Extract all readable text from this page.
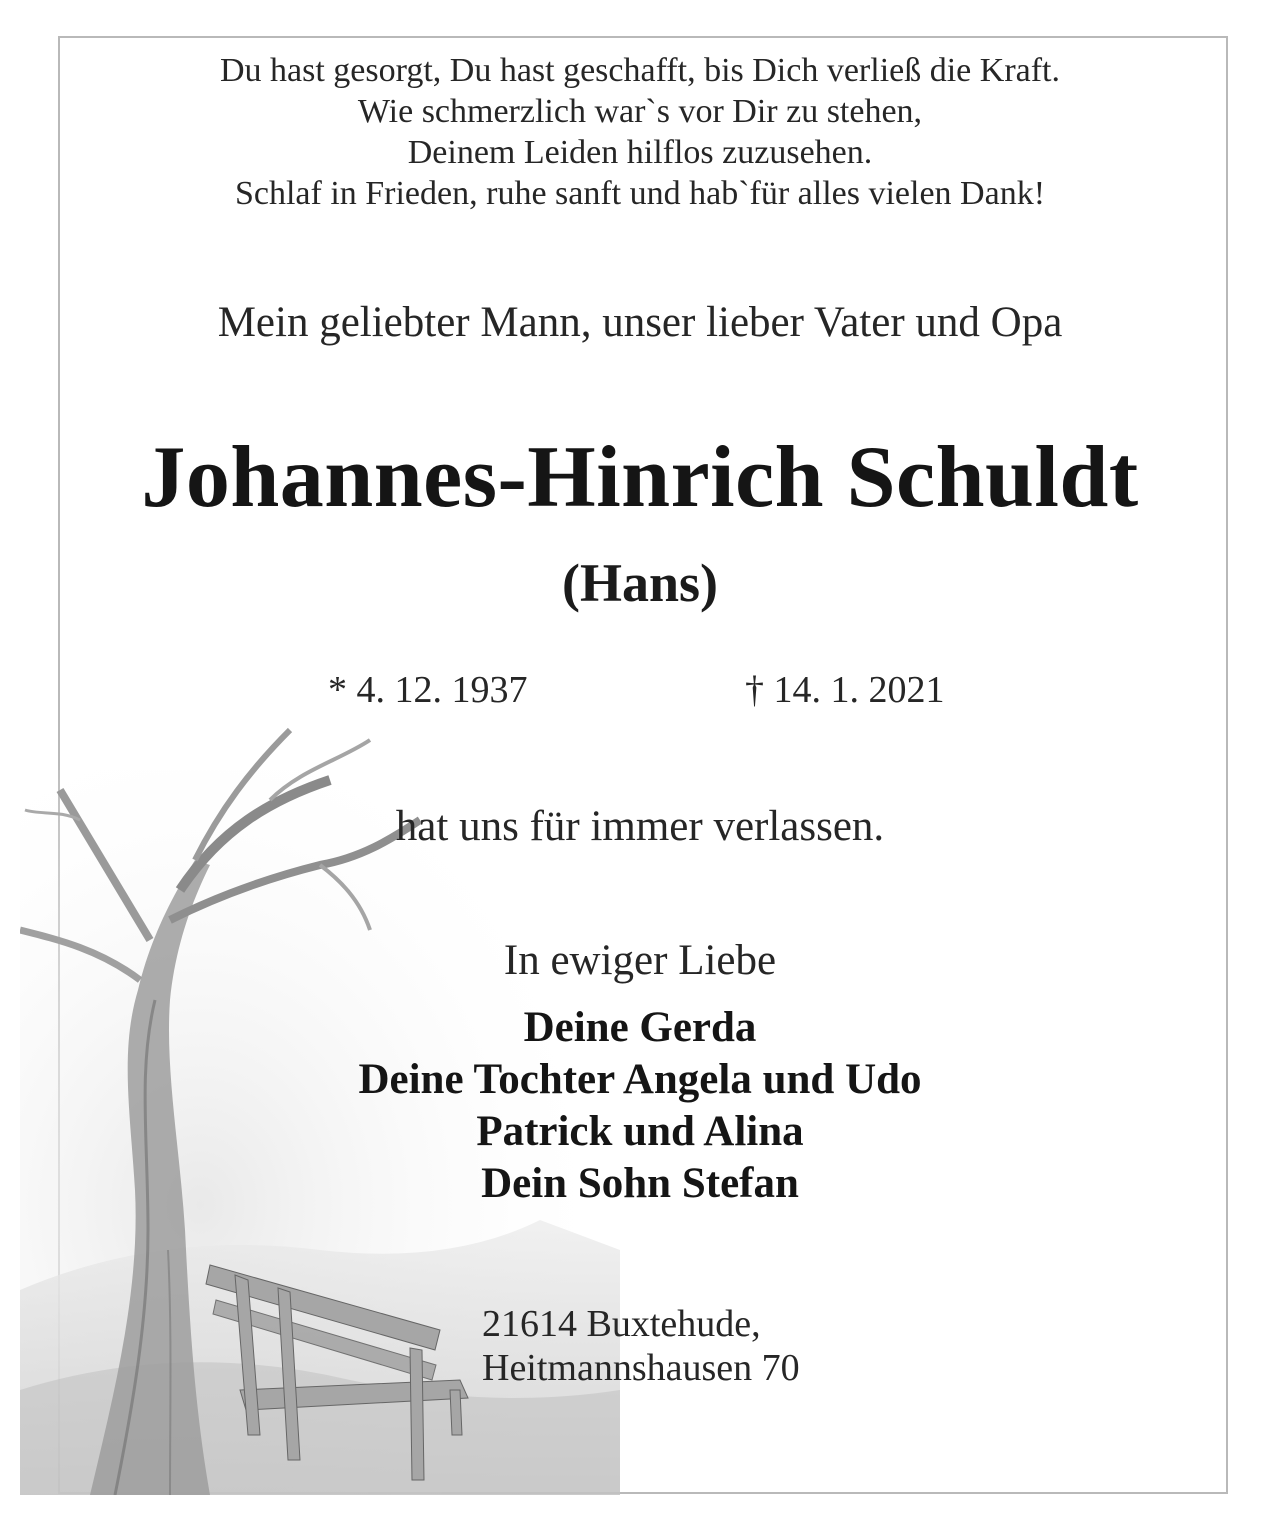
Du hast gesorgt, Du hast geschafft, bis Dich verließ die Kraft.
Wie schmerzlich war`s vor Dir zu stehen,
Deinem Leiden hilflos zuzusehen.
Schlaf in Frieden, ruhe sanft und hab`für alles vielen Dank!
Mein geliebter Mann, unser lieber Vater und Opa
Johannes-Hinrich Schuldt
(Hans)
* 4. 12. 1937	† 14. 1. 2021
hat uns für immer verlassen.
In ewiger Liebe
Deine Gerda
Deine Tochter Angela und Udo
Patrick und Alina
Dein Sohn Stefan
21614 Buxtehude,
Heitmannshausen 70
